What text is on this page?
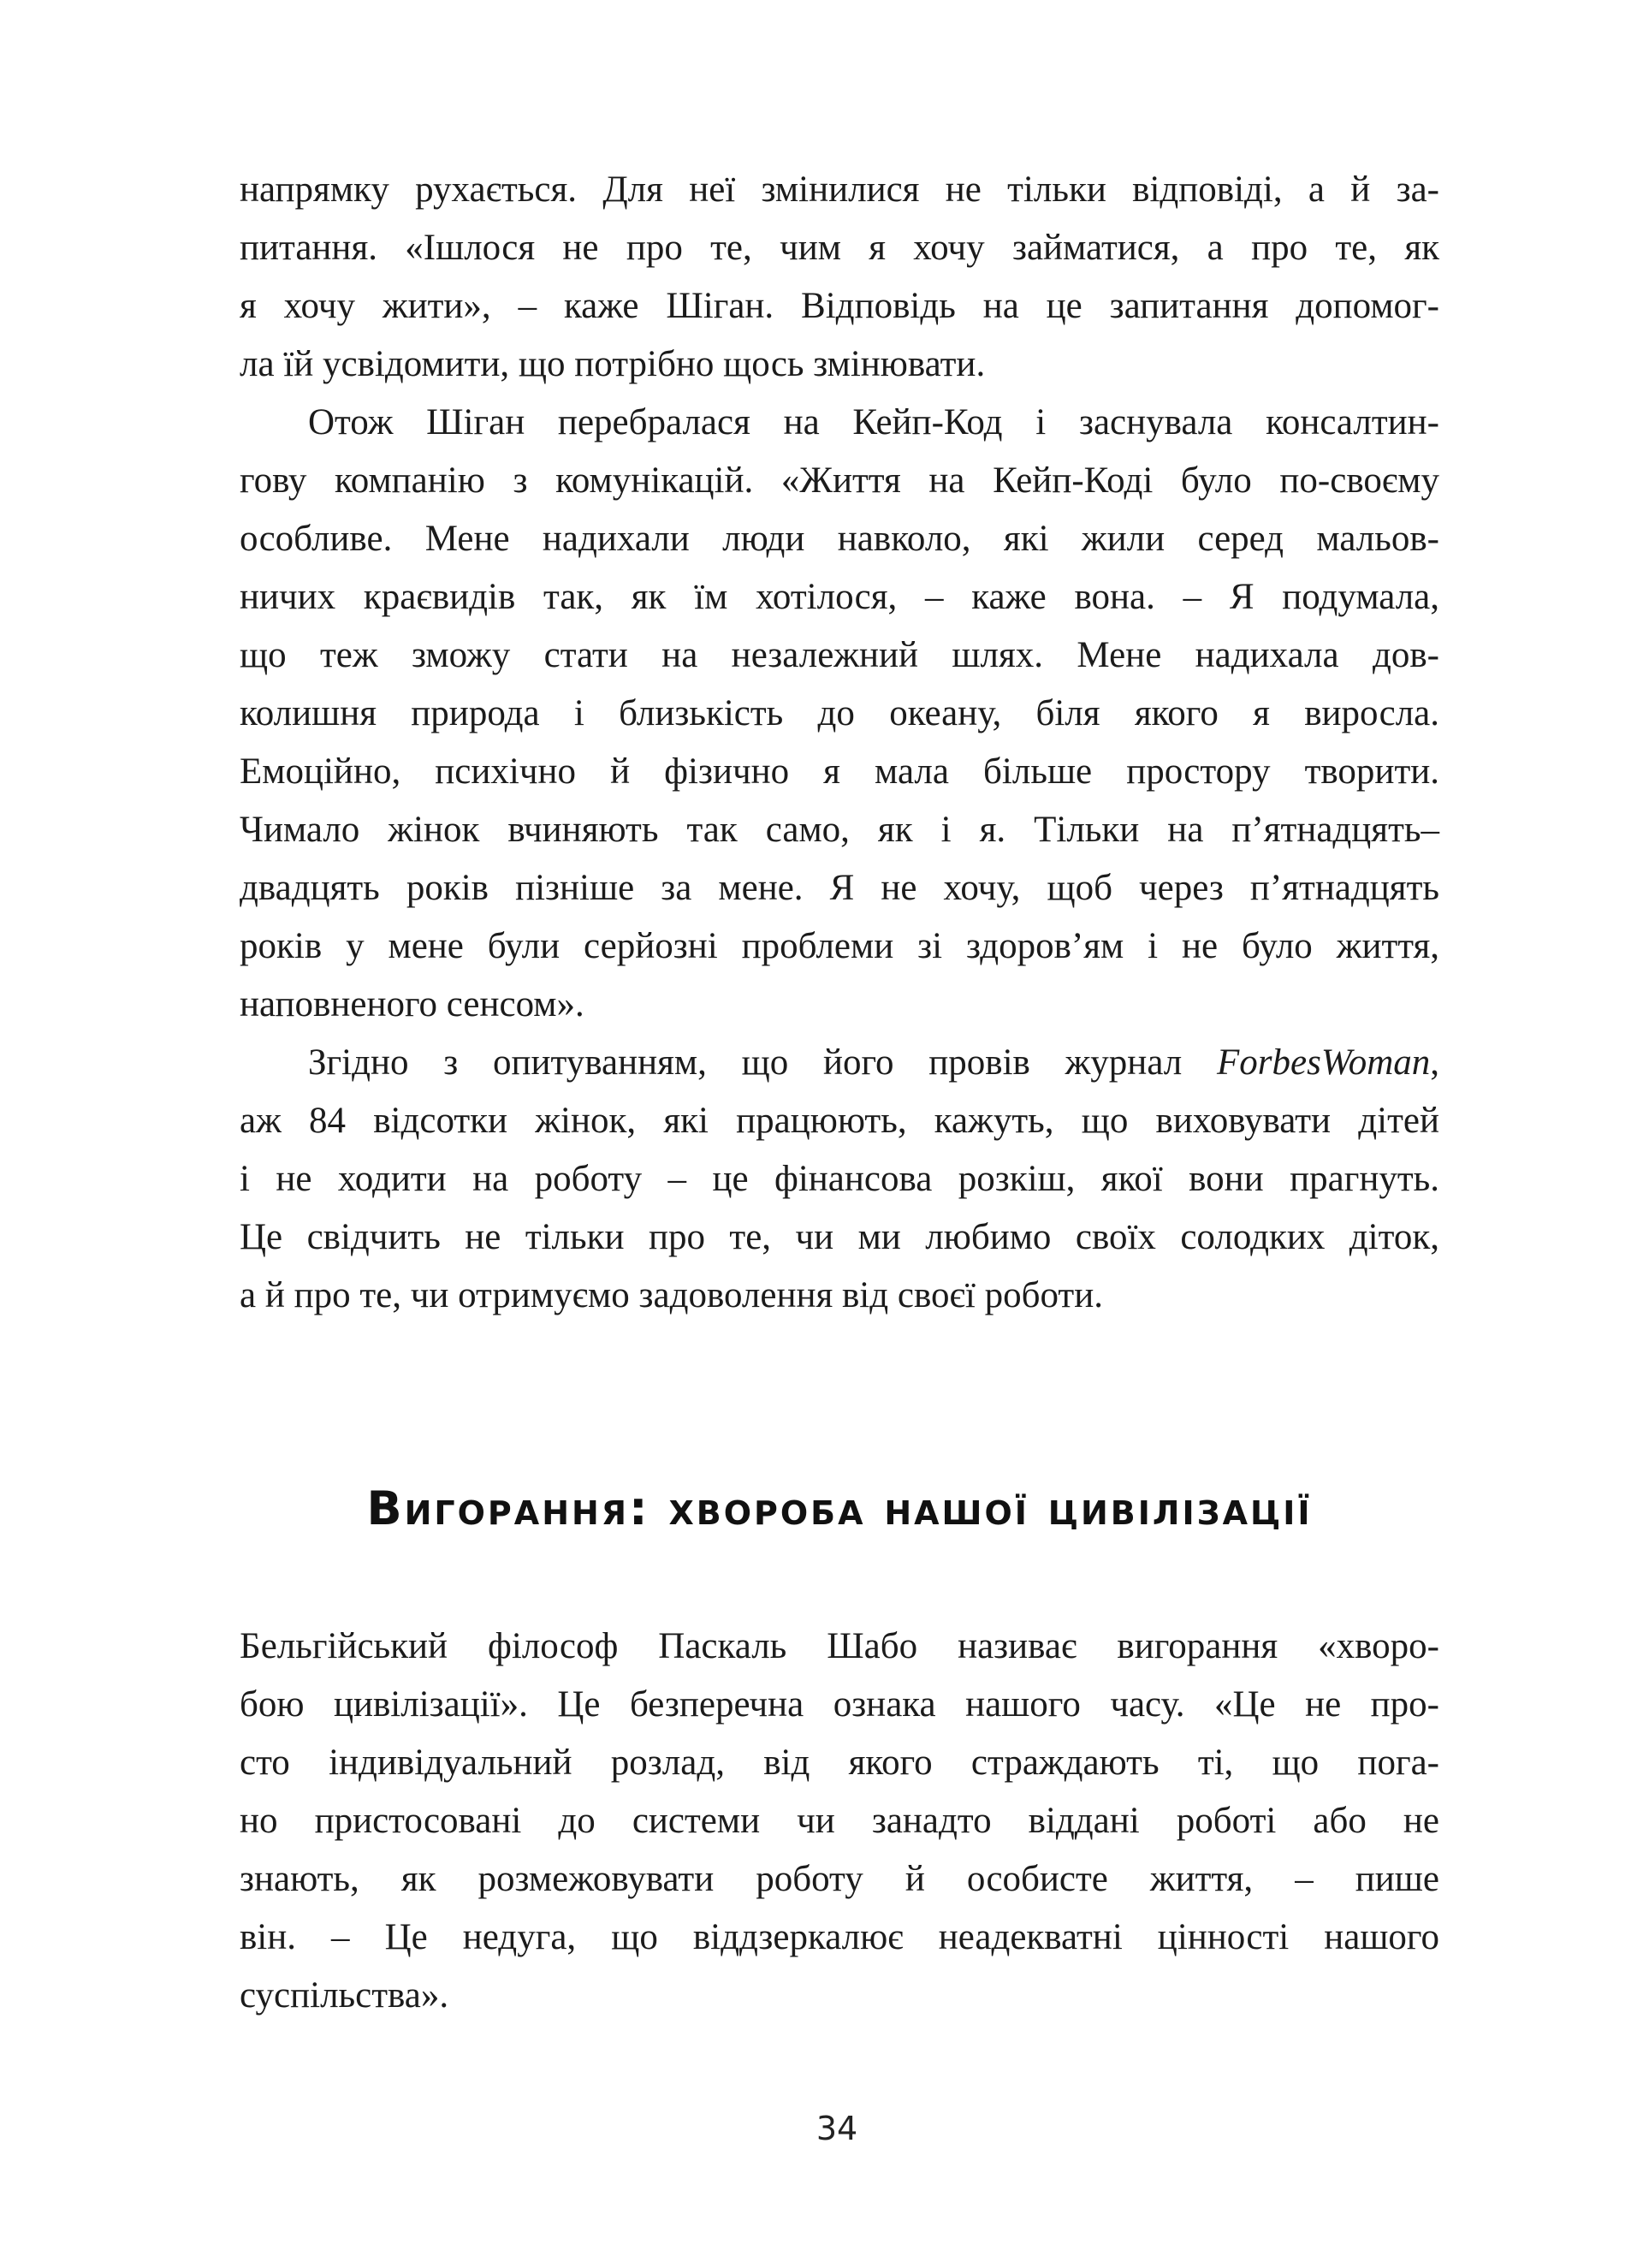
напрямку рухається. Для неї змінилися не тільки відповіді, а й за-
питання. «Ішлося не про те, чим я хочу займатися, а про те, як
я хочу жити», – каже Шіган. Відповідь на це запитання допомог-
ла їй усвідомити, що потрібно щось змінювати.
Отож Шіган перебралася на Кейп-Код і заснувала консалтин-
гову компанію з комунікацій. «Життя на Кейп-Коді було по-своєму
особливе. Мене надихали люди навколо, які жили серед мальов-
ничих краєвидів так, як їм хотілося, – каже вона. – Я подумала,
що теж зможу стати на незалежний шлях. Мене надихала дов-
колишня природа і близькість до океану, біля якого я виросла.
Емоційно, психічно й фізично я мала більше простору творити.
Чимало жінок вчиняють так само, як і я. Тільки на п’ятнадцять–
двадцять років пізніше за мене. Я не хочу, щоб через п’ятнадцять
років у мене були серйозні проблеми зі здоров’ям і не було життя,
наповненого сенсом».
Згідно з опитуванням, що його провів журнал ForbesWoman,
аж 84 відсотки жінок, які працюють, кажуть, що виховувати дітей
і не ходити на роботу – це фінансова розкіш, якої вони прагнуть.
Це свідчить не тільки про те, чи ми любимо своїх солодких діток,
а й про те, чи отримуємо задоволення від своєї роботи.
Вигорання: хвороба нашої цивілізації
Бельгійський філософ Паскаль Шабо називає вигорання «хворо-
бою цивілізації». Це безперечна ознака нашого часу. «Це не про-
сто індивідуальний розлад, від якого страждають ті, що пога-
но пристосовані до системи чи занадто віддані роботі або не
знають, як розмежовувати роботу й особисте життя, – пише
він. – Це недуга, що віддзеркалює неадекватні цінності нашого
суспільства».
34
